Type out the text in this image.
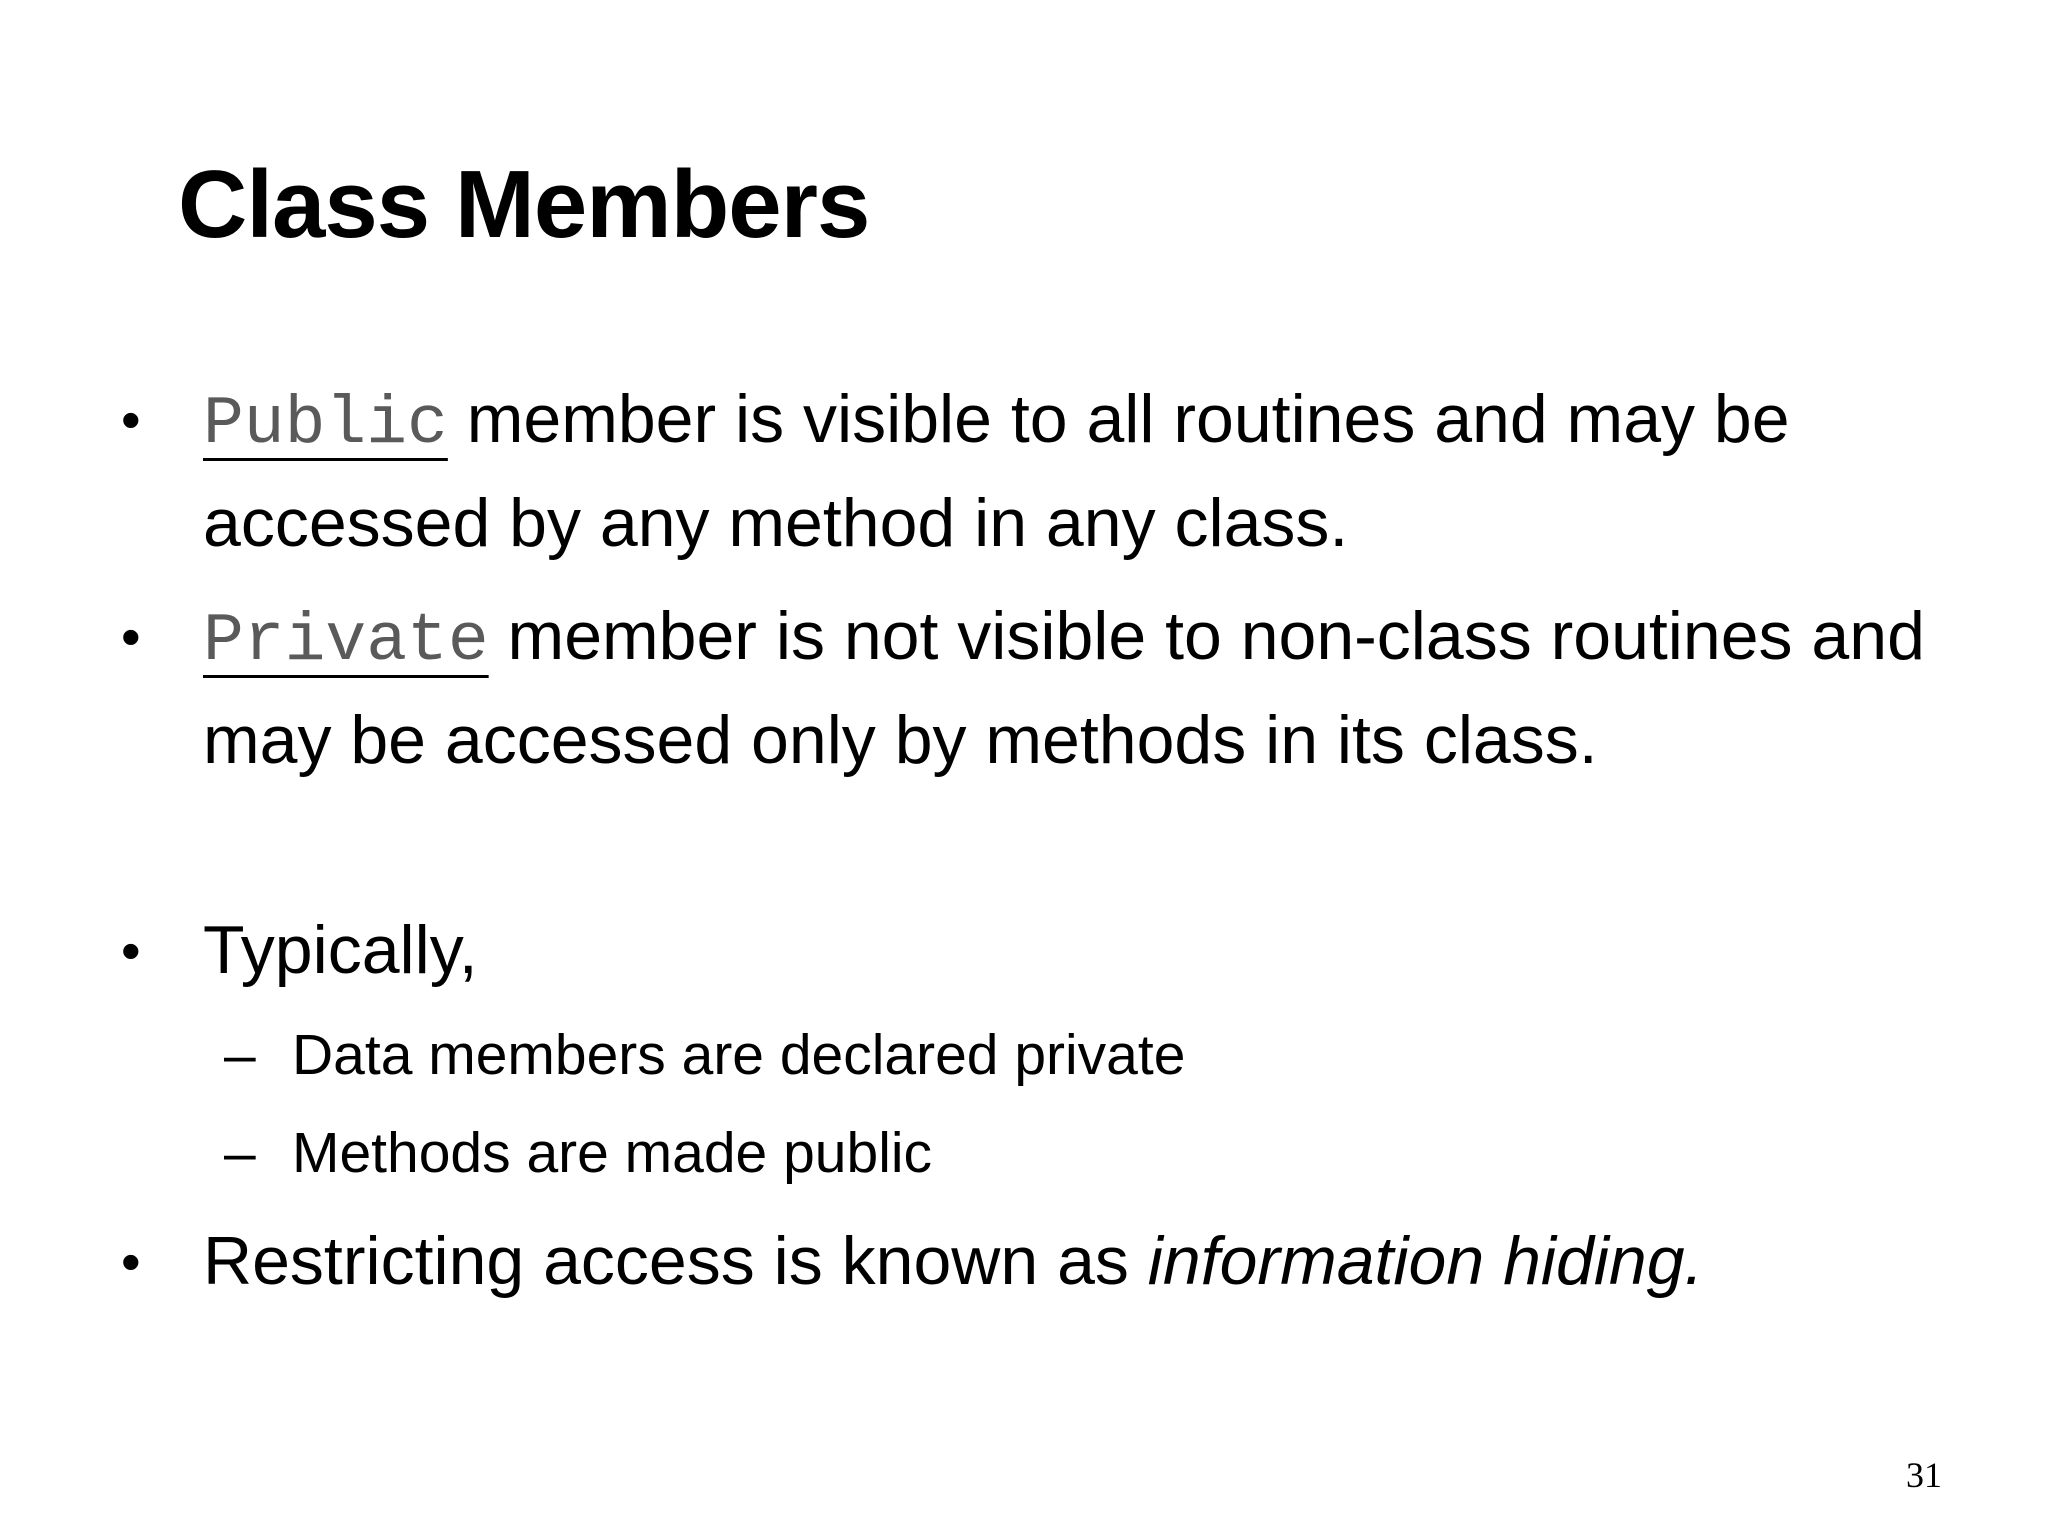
Class Members
• Public member is visible to all routines and may be accessed by any method in any class.
• Private member is not visible to non-class routines and may be accessed only by methods in its class.
• Typically,
– Data members are declared private
– Methods are made public
• Restricting access is known as information hiding.
31
